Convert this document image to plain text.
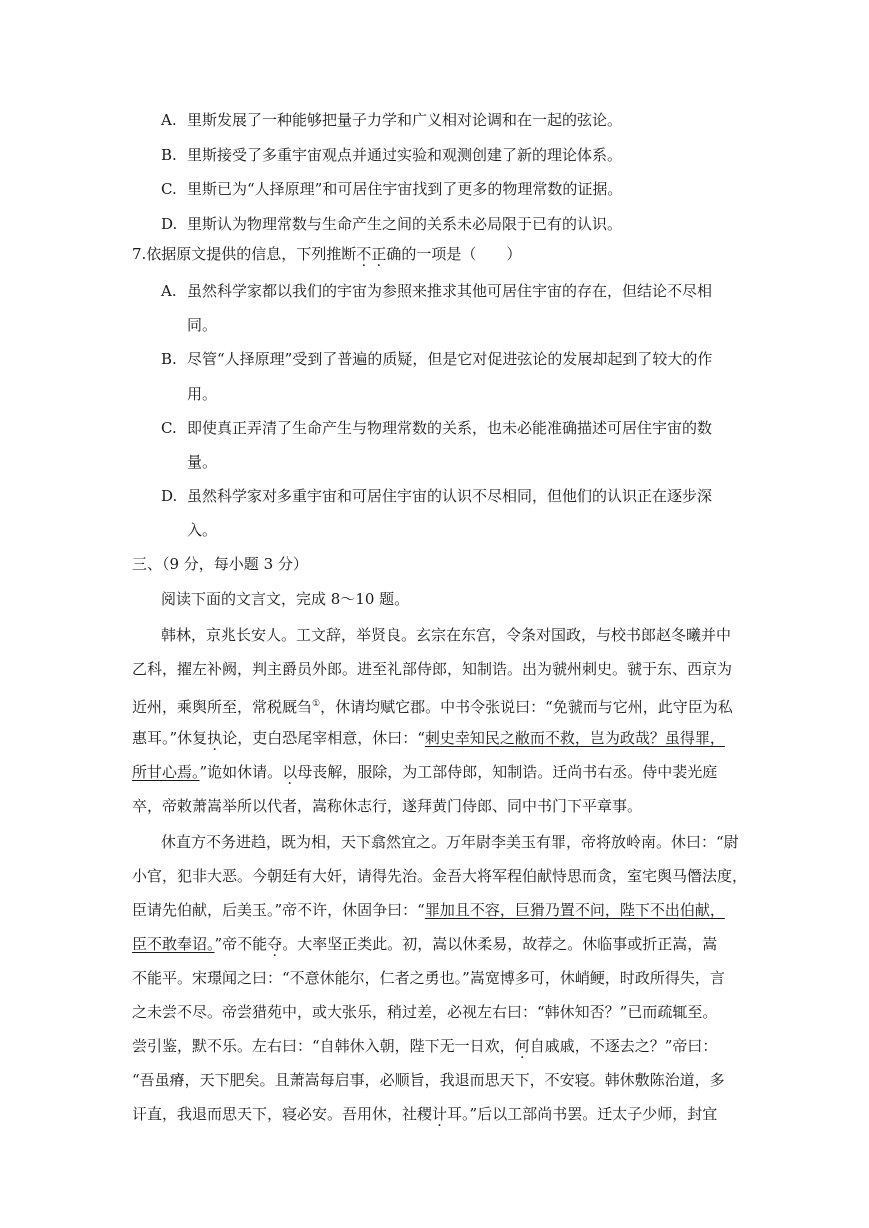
A. 里斯发展了一种能够把量子力学和广义相对论调和在一起的弦论。
B. 里斯接受了多重宇宙观点并通过实验和观测创建了新的理论体系。
C. 里斯已为“人择原理”和可居住宇宙找到了更多的物理常数的证据。
D. 里斯认为物理常数与生命产生之间的关系未必局限于已有的认识。
7.依据原文提供的信息，下列推断不正确的一项是（　　）
A. 虽然科学家都以我们的宇宙为参照来推求其他可居住宇宙的存在，但结论不尽相
同。
B. 尽管“人择原理”受到了普遍的质疑，但是它对促进弦论的发展却起到了较大的作
用。
C. 即使真正弄清了生命产生与物理常数的关系，也未必能准确描述可居住宇宙的数
量。
D. 虽然科学家对多重宇宙和可居住宇宙的认识不尽相同，但他们的认识正在逐步深
入。
三、（9 分，每小题 3 分）
阅读下面的文言文，完成 8～10 题。
韩林，京兆长安人。工文辞，举贤良。玄宗在东宫，令条对国政，与校书郎赵冬曦并中
乙科，擢左补阙，判主爵员外郎。进至礼部侍郎，知制诰。出为虢州刺史。虢于东、西京为
近州，乘舆所至，常税厩刍①，休请均赋它郡。中书令张说曰：“免虢而与它州，此守臣为私
惠耳。”休复执论，吏白恐尾宰相意，休曰：“刺史幸知民之敝而不救，岂为政哉？虽得罪，
所甘心焉。”诡如休请。以母丧解，服除，为工部侍郎，知制诰。迁尚书右丞。侍中裴光庭
卒，帝敕萧嵩举所以代者，嵩称休志行，遂拜黄门侍郎、同中书门下平章事。
休直方不务进趋，既为相，天下翕然宜之。万年尉李美玉有罪，帝将放岭南。休曰：“尉
小官，犯非大恶。今朝廷有大奸，请得先治。金吾大将军程伯献恃思而贪，室宅舆马僭法度，
臣请先伯献，后美玉。”帝不许，休固争曰：“罪加且不容，巨猾乃置不问，陛下不出伯献，
臣不敢奉诏。”帝不能夺。大率坚正类此。初，嵩以休柔易，故荐之。休临事或折正嵩，嵩
不能平。宋璟闻之曰：“不意休能尔，仁者之勇也。”嵩宽博多可，休峭鲠，时政所得失，言
之未尝不尽。帝尝猎苑中，或大张乐，稍过差，必视左右曰：“韩休知否？”已而疏辄至。
尝引鉴，默不乐。左右曰：“自韩休入朝，陛下无一日欢，何自戚戚，不逐去之？”帝曰：
“吾虽瘠，天下肥矣。且萧嵩每启事，必顺旨，我退而思天下，不安寝。韩休敷陈治道，多
讦直，我退而思天下，寝必安。吾用休，社稷计耳。”后以工部尚书罢。迁太子少师，封宜
